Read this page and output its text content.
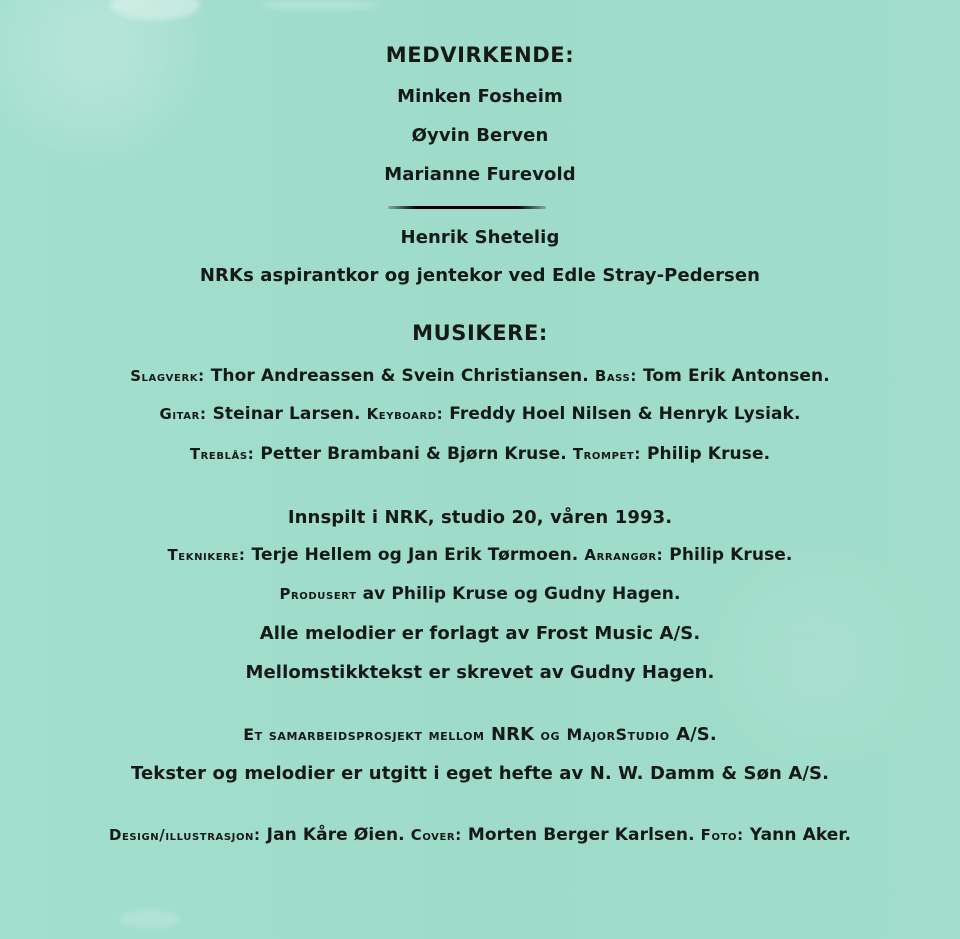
MEDVIRKENDE:
Minken Fosheim
Øyvin Berven
Marianne Furevold
Henrik Shetelig
NRKs aspirantkor og jentekor ved Edle Stray-Pedersen
MUSIKERE:
Slagverk: Thor Andreassen & Svein Christiansen. Bass: Tom Erik Antonsen.
Gitar: Steinar Larsen. Keyboard: Freddy Hoel Nilsen & Henryk Lysiak.
Treblås: Petter Brambani & Bjørn Kruse. Trompet: Philip Kruse.
Innspilt i NRK, studio 20, våren 1993.
Teknikere: Terje Hellem og Jan Erik Tørmoen. Arrangør: Philip Kruse.
Produsert av Philip Kruse og Gudny Hagen.
Alle melodier er forlagt av Frost Music A/S.
Mellomstikktekst er skrevet av Gudny Hagen.
Et samarbeidsprosjekt mellom NRK og MajorStudio A/S.
Tekster og melodier er utgitt i eget hefte av N. W. Damm & Søn A/S.
Design/illustrasjon: Jan Kåre Øien. Cover: Morten Berger Karlsen. Foto: Yann Aker.
